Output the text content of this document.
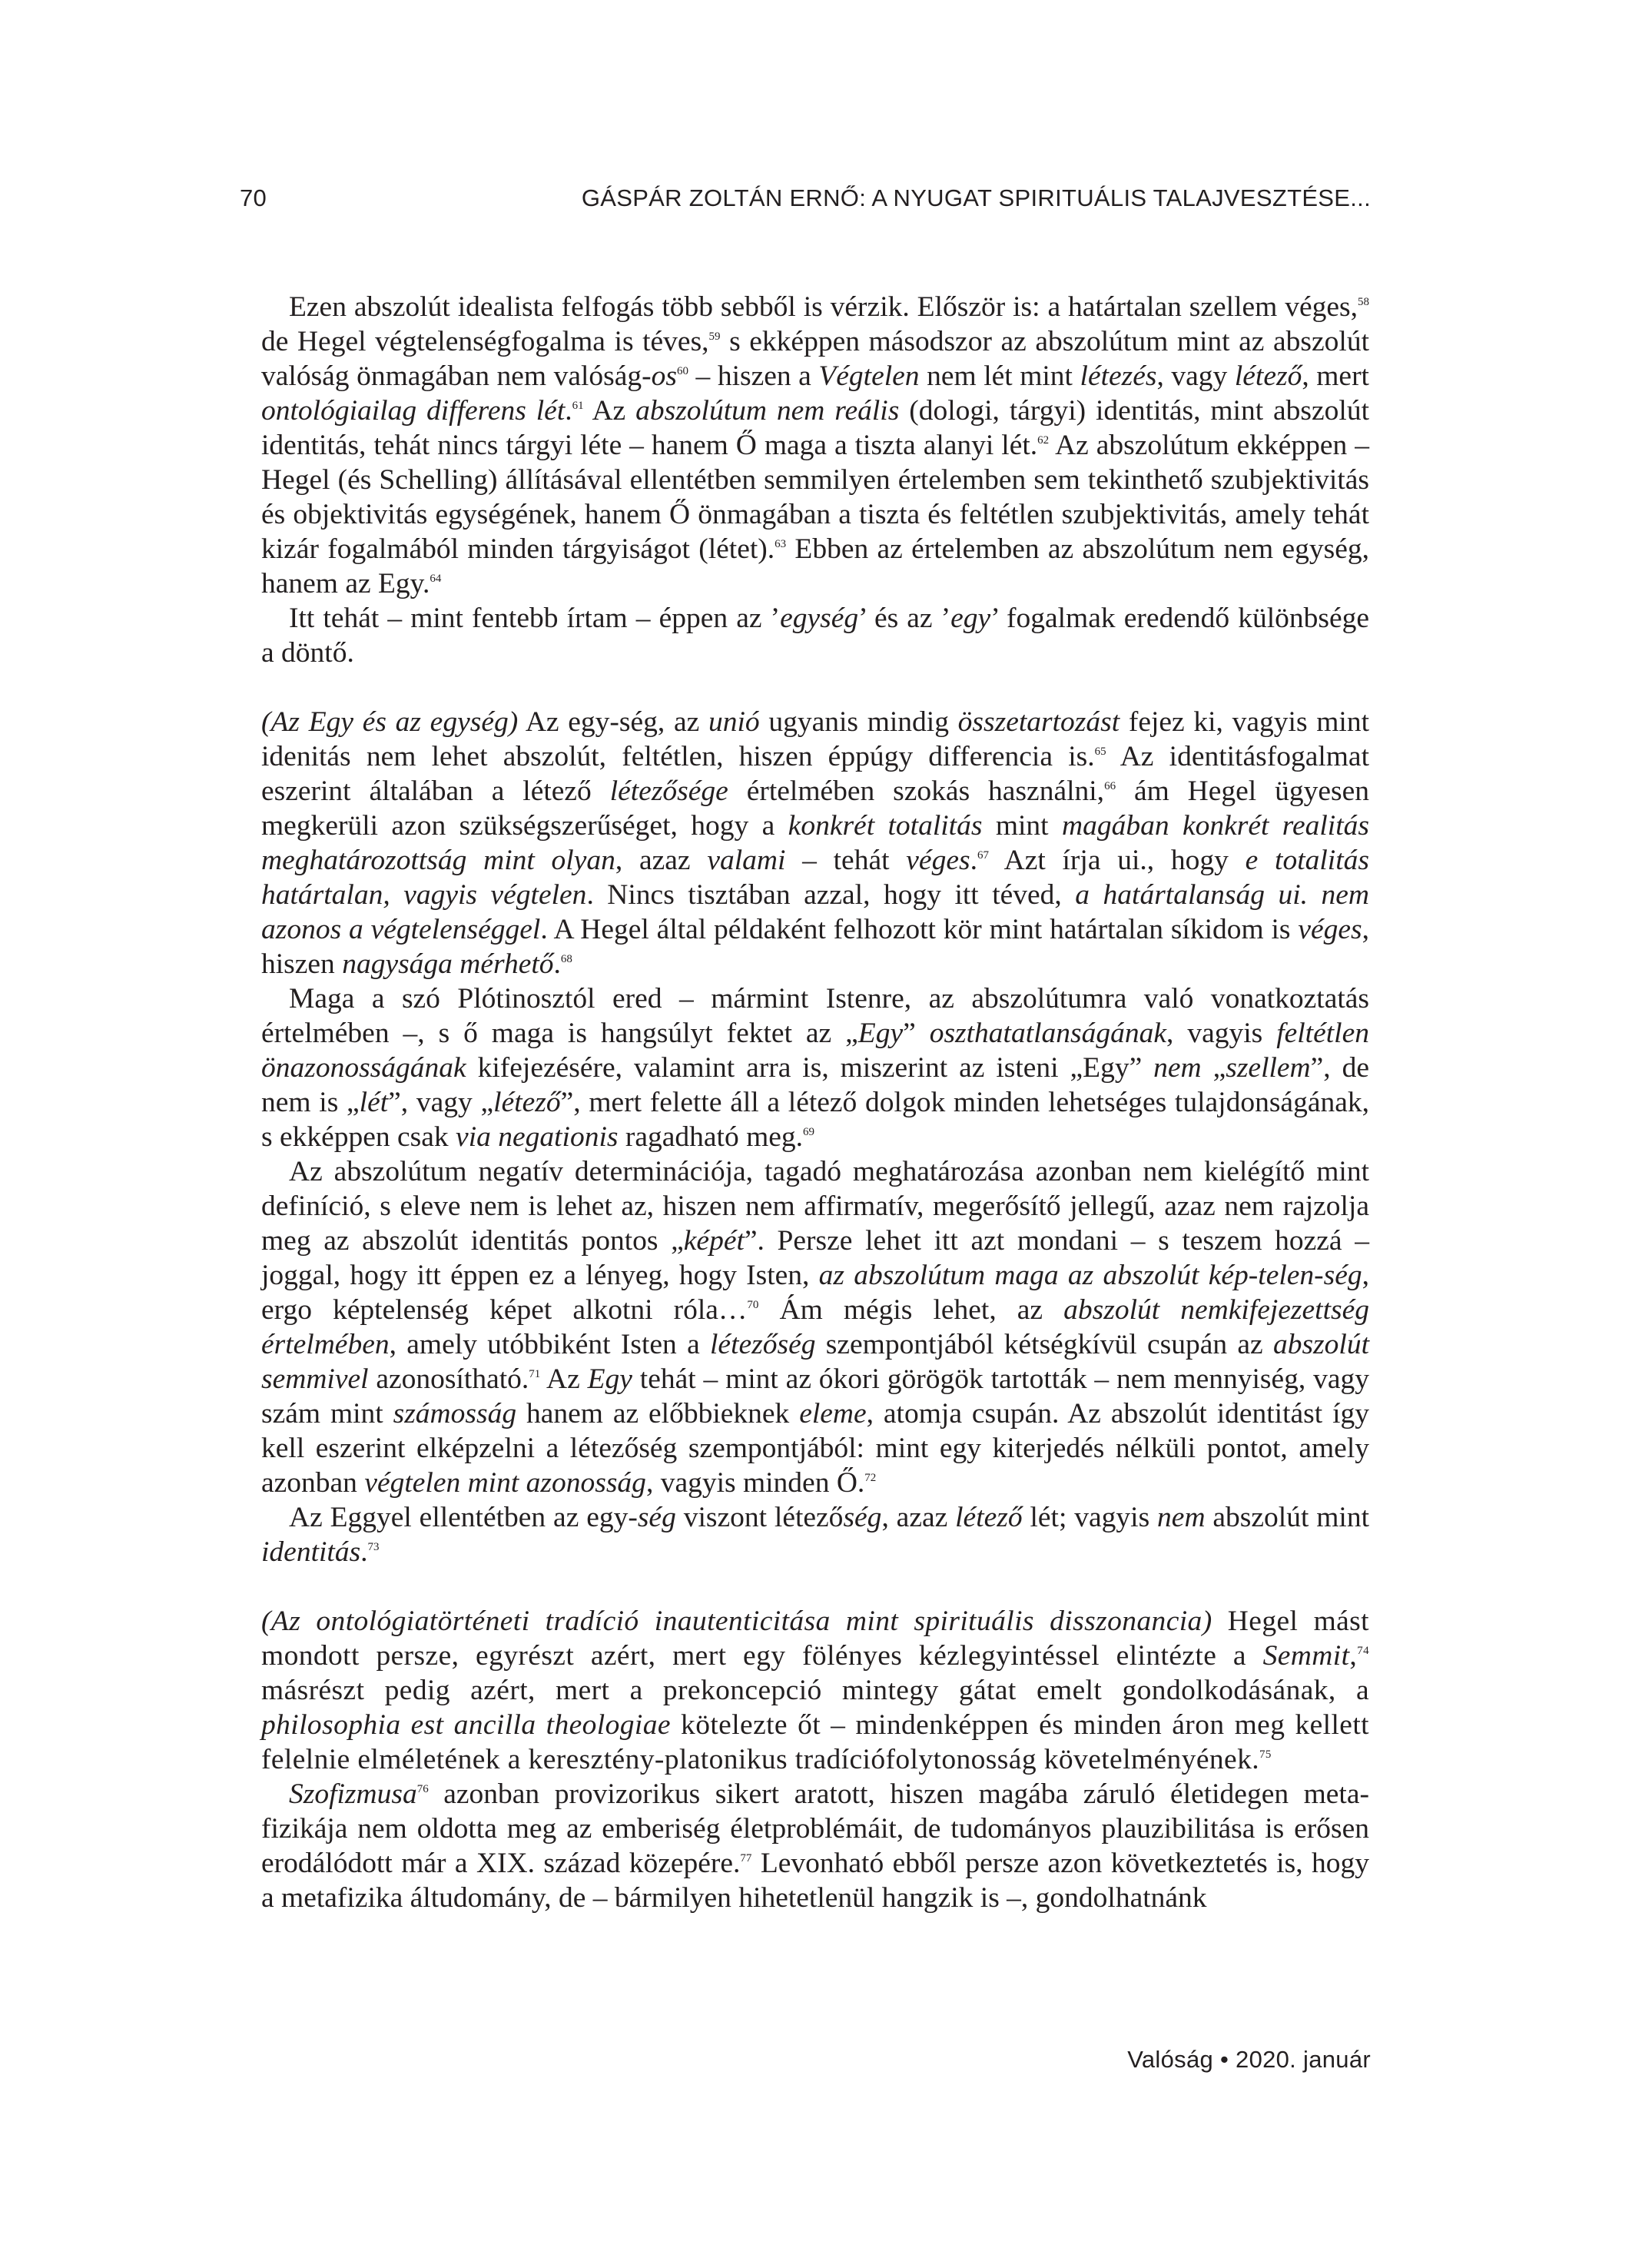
70	GÁSPÁR ZOLTÁN ERNŐ: A NYUGAT SPIRITUÁLIS TALAJVESZTÉSE...

Ezen abszolút idealista felfogás több sebből is vérzik. Először is: a határtalan szellem véges,$^{58}$ de Hegel végtelenségfogalma is téves,$^{59}$ s ekképpen másodszor az abszolútum mint az abszolút valóság önmagában nem valóság-$os^{60}$ – hiszen a Végtelen nem lét mint létezés, vagy létező, mert ontológiailag differens lét.$^{61}$ Az abszolútum nem reális (dologi, tárgyi) identitás, mint abszolút identitás, tehát nincs tárgyi léte – hanem Ő maga a tiszta alanyi lét.$^{62}$ Az abszolútum ekképpen – Hegel (és Schelling) állításával ellentétben semmilyen értelemben sem tekinthető szubjektivitás és objektivitás egységének, hanem Ő önmagában a tiszta és feltétlen szubjektivitás, amely tehát kizár fogalmából minden tárgyiságot (létet).$^{63}$ Ebben az értelemben az abszolútum nem egység, hanem az Egy.$^{64}$

Itt tehát – mint fentebb írtam – éppen az ’egység’ és az ’egy’ fogalmak eredendő különbsége a döntő.

(Az Egy és az egység) Az egy-ség, az unió ugyanis mindig összetartozást fejez ki, vagyis mint idenitás nem lehet abszolút, feltétlen, hiszen éppúgy differencia is.$^{65}$ Az identitásfogalmat eszerint általában a létező létezősége értelmében szokás használni,$^{66}$ ám Hegel ügyesen megkerüli azon szükségszerűséget, hogy a konkrét totalitás mint magában konkrét realitás meghatározottság mint olyan, azaz valami – tehát véges.$^{67}$ Azt írja ui., hogy e totalitás határtalan, vagyis végtelen. Nincs tisztában azzal, hogy itt téved, a határtalanság ui. nem azonos a végtelenséggel. A Hegel által példaként felhozott kör mint határtalan síkidom is véges, hiszen nagysága mérhető.$^{68}$

Maga a szó Plótinosztól ered – mármint Istenre, az abszolútumra való vonatkoztatás értelmében –, s ő maga is hangsúlyt fektet az „Egy” oszthatatlanságának, vagyis feltétlen önazonosságának kifejezésére, valamint arra is, miszerint az isteni „Egy” nem „szellem”, de nem is „lét”, vagy „létező”, mert felette áll a létező dolgok minden lehetséges tulajdonságának, s ekképpen csak via negationis ragadható meg.$^{69}$

Az abszolútum negatív determinációja, tagadó meghatározása azonban nem kielégítő mint definíció, s eleve nem is lehet az, hiszen nem affirmatív, megerősítő jellegű, azaz nem rajzolja meg az abszolút identitás pontos „képét”. Persze lehet itt azt mondani – s teszem hozzá – joggal, hogy itt éppen ez a lényeg, hogy Isten, az abszolútum maga az abszolút kép-telen-ség, ergo képtelenség képet alkotni róla…$^{70}$ Ám mégis lehet, az abszolút nemkifejezettség értelmében, amely utóbbiként Isten a létezőség szempontjából kétségkívül csupán az abszolút semmivel azonosítható.$^{71}$ Az Egy tehát – mint az ókori görögök tartották – nem mennyiség, vagy szám mint számosság hanem az előbbieknek eleme, atomja csupán. Az abszolút identitást így kell eszerint elképzelni a létezőség szempontjából: mint egy kiterjedés nélküli pontot, amely azonban végtelen mint azonosság, vagyis minden Ő.$^{72}$

Az Eggyel ellentétben az egy-ség viszont létezőség, azaz létező lét; vagyis nem abszolút mint identitás.$^{73}$

(Az ontológiatörténeti tradíció inautenticitása mint spirituális disszonancia) Hegel mást mondott persze, egyrészt azért, mert egy fölényes kézlegyintéssel elintézte a Semmit,$^{74}$ másrészt pedig azért, mert a prekoncepció mintegy gátat emelt gondolkodásának, a philosophia est ancilla theologiae kötelezte őt – mindenképpen és minden áron meg kellett felelnie elméletének a keresztény-platonikus tradíciófolytonosság követelményének.$^{75}$

Szofizmusa$^{76}$ azonban provizorikus sikert aratott, hiszen magába záruló életidegen metafizikája nem oldotta meg az emberiség életproblémáit, de tudományos plauzibilitása is erősen erodálódott már a XIX. század közepére.$^{77}$ Levonható ebből persze azon következtetés is, hogy a metafizika áltudomány, de – bármilyen hihetetlenül hangzik is –, gondolhatnánk

Valóság • 2020. január
